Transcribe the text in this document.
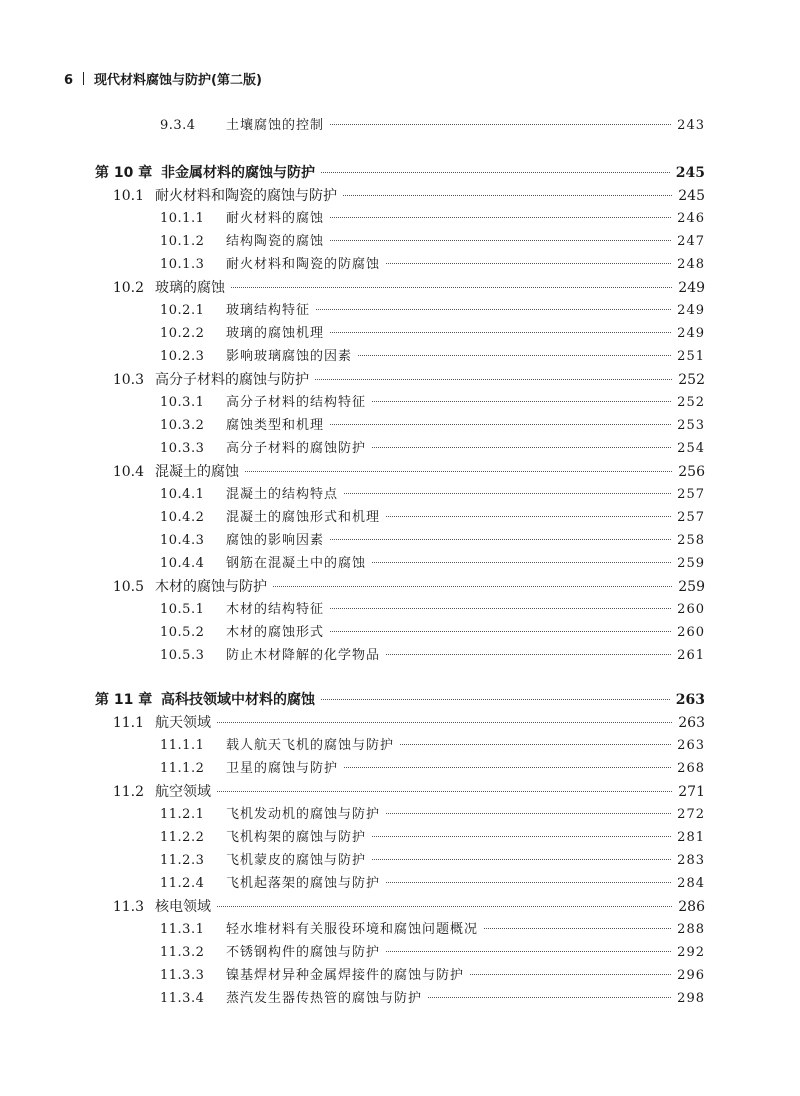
6 现代材料腐蚀与防护(第二版)
9.3.4	土壤腐蚀的控制	243
第 10 章 非金属材料的腐蚀与防护	245
10.1 耐火材料和陶瓷的腐蚀与防护	245
10.1.1	耐火材料的腐蚀	246
10.1.2	结构陶瓷的腐蚀	247
10.1.3	耐火材料和陶瓷的防腐蚀	248
10.2 玻璃的腐蚀	249
10.2.1	玻璃结构特征	249
10.2.2	玻璃的腐蚀机理	249
10.2.3	影响玻璃腐蚀的因素	251
10.3 高分子材料的腐蚀与防护	252
10.3.1	高分子材料的结构特征	252
10.3.2	腐蚀类型和机理	253
10.3.3	高分子材料的腐蚀防护	254
10.4 混凝土的腐蚀	256
10.4.1	混凝土的结构特点	257
10.4.2	混凝土的腐蚀形式和机理	257
10.4.3	腐蚀的影响因素	258
10.4.4	钢筋在混凝土中的腐蚀	259
10.5 木材的腐蚀与防护	259
10.5.1	木材的结构特征	260
10.5.2	木材的腐蚀形式	260
10.5.3	防止木材降解的化学物品	261
第 11 章 高科技领域中材料的腐蚀	263
11.1 航天领域	263
11.1.1	载人航天飞机的腐蚀与防护	263
11.1.2	卫星的腐蚀与防护	268
11.2 航空领域	271
11.2.1	飞机发动机的腐蚀与防护	272
11.2.2	飞机构架的腐蚀与防护	281
11.2.3	飞机蒙皮的腐蚀与防护	283
11.2.4	飞机起落架的腐蚀与防护	284
11.3 核电领域	286
11.3.1	轻水堆材料有关服役环境和腐蚀问题概况	288
11.3.2	不锈钢构件的腐蚀与防护	292
11.3.3	镍基焊材异种金属焊接件的腐蚀与防护	296
11.3.4	蒸汽发生器传热管的腐蚀与防护	298
